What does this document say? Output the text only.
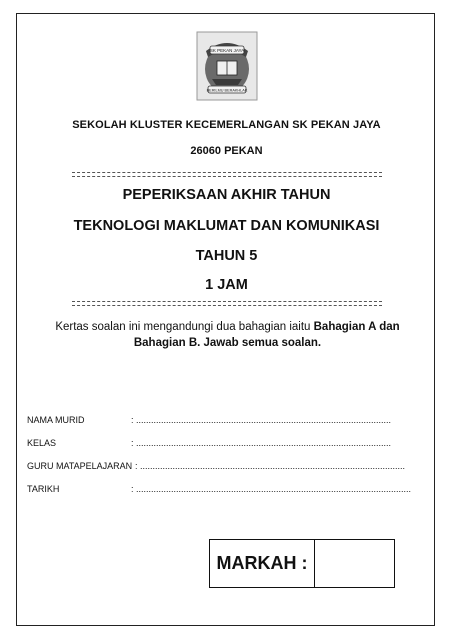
SK PEKAN JAYA
BERILMU BERAKHLAK
SEKOLAH KLUSTER KECEMERLANGAN SK PEKAN JAYA
26060 PEKAN
PEPERIKSAAN AKHIR TAHUN
TEKNOLOGI MAKLUMAT DAN KOMUNIKASI
TAHUN 5
1 JAM
Kertas soalan ini mengandungi dua bahagian iaitu Bahagian A dan Bahagian B. Jawab semua soalan.
NAMA MURID	: ......................................................................................................
KELAS	: ......................................................................................................
GURU MATAPELAJARAN : ..........................................................................................................
TARIKH	: ..............................................................................................................
MARKAH :
